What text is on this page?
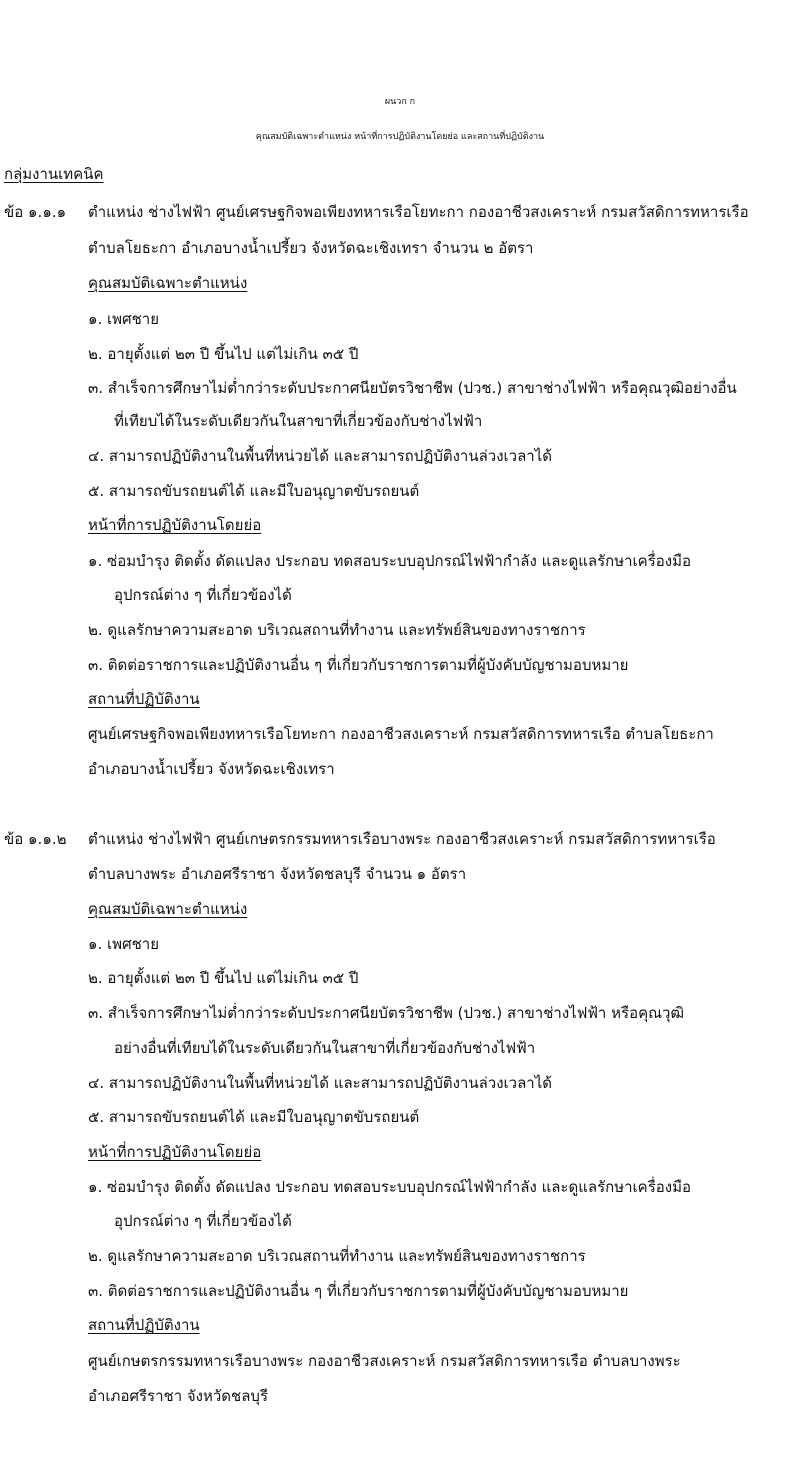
ผนวก ก
คุณสมบัติเฉพาะตำแหน่ง หน้าที่การปฏิบัติงานโดยย่อ และสถานที่ปฏิบัติงาน
กลุ่มงานเทคนิค
ข้อ ๑.๑.๑ ตำแหน่ง ช่างไฟฟ้า ศูนย์เศรษฐกิจพอเพียงทหารเรือโยทะกา กองอาชีวสงเคราะห์ กรมสวัสดิการทหารเรือ
ตำบลโยธะกา อำเภอบางน้ำเปรี้ยว จังหวัดฉะเชิงเทรา จำนวน ๒ อัตรา
คุณสมบัติเฉพาะตำแหน่ง
๑. เพศชาย
๒. อายุตั้งแต่ ๒๓ ปี ขึ้นไป แต่ไม่เกิน ๓๕ ปี
๓. สำเร็จการศึกษาไม่ต่ำกว่าระดับประกาศนียบัตรวิชาชีพ (ปวช.) สาขาช่างไฟฟ้า หรือคุณวุฒิอย่างอื่น
ที่เทียบได้ในระดับเดียวกันในสาขาที่เกี่ยวข้องกับช่างไฟฟ้า
๔. สามารถปฏิบัติงานในพื้นที่หน่วยได้ และสามารถปฏิบัติงานล่วงเวลาได้
๕. สามารถขับรถยนต์ได้ และมีใบอนุญาตขับรถยนต์
หน้าที่การปฏิบัติงานโดยย่อ
๑. ซ่อมบำรุง ติดตั้ง ดัดแปลง ประกอบ ทดสอบระบบอุปกรณ์ไฟฟ้ากำลัง และดูแลรักษาเครื่องมือ
อุปกรณ์ต่าง ๆ ที่เกี่ยวข้องได้
๒. ดูแลรักษาความสะอาด บริเวณสถานที่ทำงาน และทรัพย์สินของทางราชการ
๓. ติดต่อราชการและปฏิบัติงานอื่น ๆ ที่เกี่ยวกับราชการตามที่ผู้บังคับบัญชามอบหมาย
สถานที่ปฏิบัติงาน
ศูนย์เศรษฐกิจพอเพียงทหารเรือโยทะกา กองอาชีวสงเคราะห์ กรมสวัสดิการทหารเรือ ตำบลโยธะกา
อำเภอบางน้ำเปรี้ยว จังหวัดฉะเชิงเทรา
ข้อ ๑.๑.๒ ตำแหน่ง ช่างไฟฟ้า ศูนย์เกษตรกรรมทหารเรือบางพระ กองอาชีวสงเคราะห์ กรมสวัสดิการทหารเรือ
ตำบลบางพระ อำเภอศรีราชา จังหวัดชลบุรี จำนวน ๑ อัตรา
คุณสมบัติเฉพาะตำแหน่ง
๑. เพศชาย
๒. อายุตั้งแต่ ๒๓ ปี ขึ้นไป แต่ไม่เกิน ๓๕ ปี
๓. สำเร็จการศึกษาไม่ต่ำกว่าระดับประกาศนียบัตรวิชาชีพ (ปวช.) สาขาช่างไฟฟ้า หรือคุณวุฒิ
อย่างอื่นที่เทียบได้ในระดับเดียวกันในสาขาที่เกี่ยวข้องกับช่างไฟฟ้า
๔. สามารถปฏิบัติงานในพื้นที่หน่วยได้ และสามารถปฏิบัติงานล่วงเวลาได้
๕. สามารถขับรถยนต์ได้ และมีใบอนุญาตขับรถยนต์
หน้าที่การปฏิบัติงานโดยย่อ
๑. ซ่อมบำรุง ติดตั้ง ดัดแปลง ประกอบ ทดสอบระบบอุปกรณ์ไฟฟ้ากำลัง และดูแลรักษาเครื่องมือ
อุปกรณ์ต่าง ๆ ที่เกี่ยวข้องได้
๒. ดูแลรักษาความสะอาด บริเวณสถานที่ทำงาน และทรัพย์สินของทางราชการ
๓. ติดต่อราชการและปฏิบัติงานอื่น ๆ ที่เกี่ยวกับราชการตามที่ผู้บังคับบัญชามอบหมาย
สถานที่ปฏิบัติงาน
ศูนย์เกษตรกรรมทหารเรือบางพระ กองอาชีวสงเคราะห์ กรมสวัสดิการทหารเรือ ตำบลบางพระ
อำเภอศรีราชา จังหวัดชลบุรี
